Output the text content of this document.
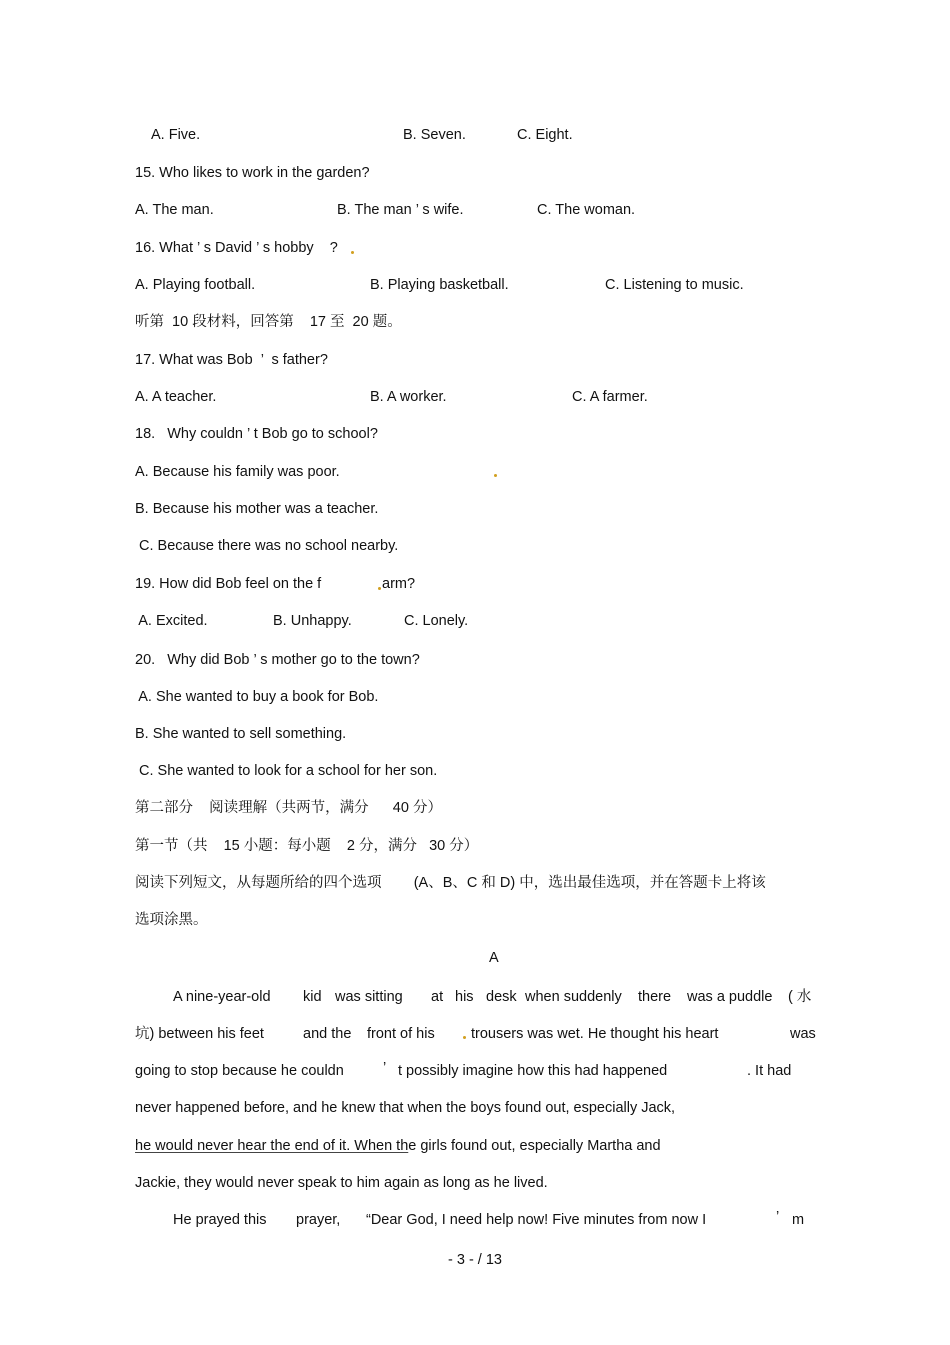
A. Five.	B. Seven.	C. Eight.

15. Who likes to work in the garden?

A. The man.	B. The man ’ s wife.	C. The woman.

16. What ’ s David ’ s hobby    ?

A. Playing football.	B. Playing basketball.	C. Listening to music.

听第  10 段材料，回答第    17 至  20 题。

17. What was Bob  ’  s father?

A. A teacher.	B. A worker.	C. A farmer.

18.   Why couldn ’ t Bob go to school?

A. Because his family was poor.

B. Because his mother was a teacher.

C. Because there was no school nearby.

19. How did Bob feel on the f	arm?

A. Excited.	B. Unhappy.	C. Lonely.

20.   Why did Bob ’ s mother go to the town?

A. She wanted to buy a book for Bob.

B. She wanted to sell something.

C. She wanted to look for a school for her son.

第二部分    阅读理解（共两节，满分      40 分）

第一节（共    15 小题：每小题    2 分，满分   30 分）

阅读下列短文，从每题所给的四个选项        (A、B、C 和 D) 中，选出最佳选项，并在答题卡上将该

选项涂黑。

A

A nine-year-old kid was sitting at his desk when suddenly there was a puddle ( 水

坑) between his feet	and the front of his	trousers was wet. He thought his heart	was

going to stop because he couldn	’ t possibly imagine how this had happened	. It had

never happened before, and he knew that when the boys found out, especially Jack,

he would never hear the end of it. When the girls found out, especially Martha and

Jackie, they would never speak to him again as long as he lived.

He prayed this prayer, “Dear God, I need help now! Five minutes from now I	’ m

- 3 - / 13
